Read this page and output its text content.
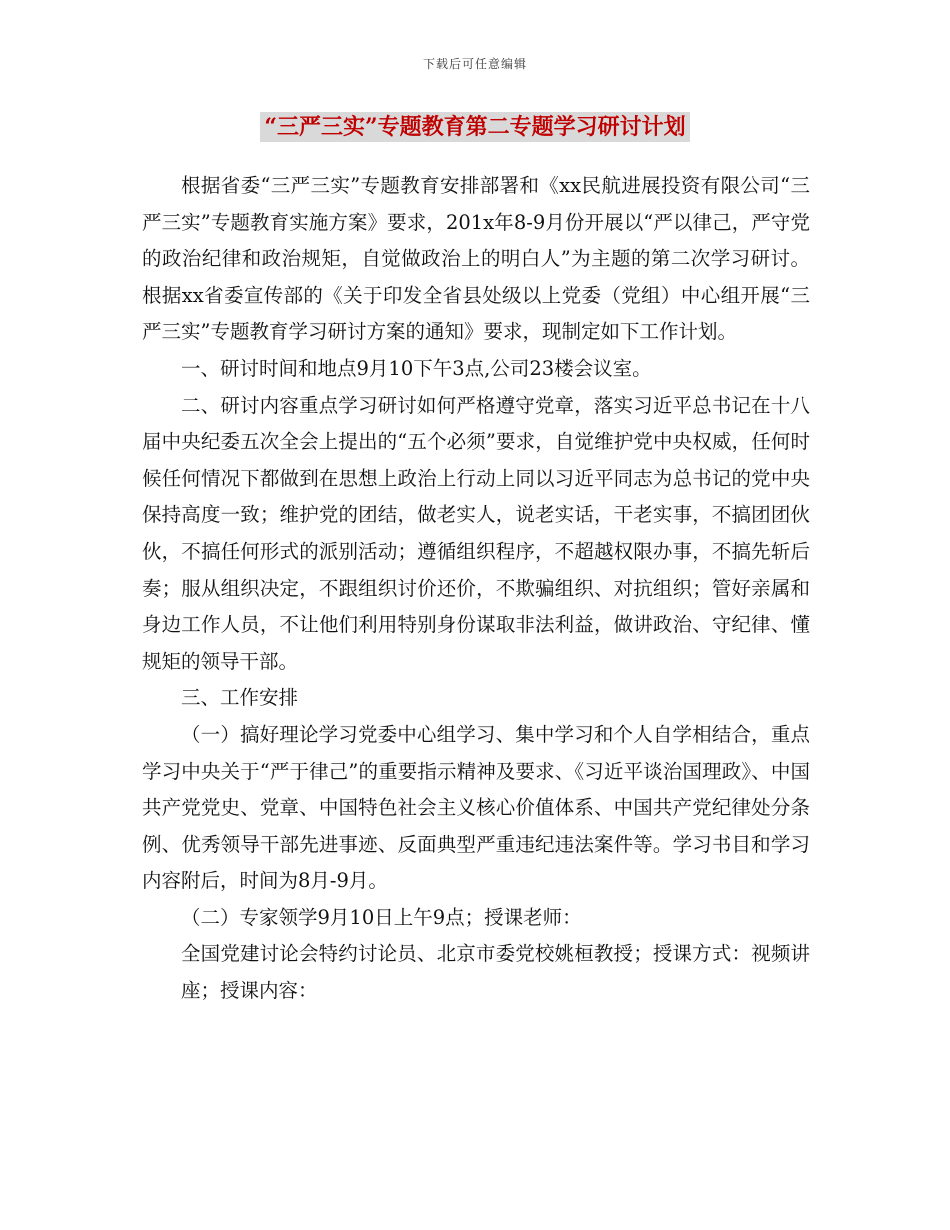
下载后可任意编辑
“三严三实”专题教育第二专题学习研讨计划

根据省委“三严三实”专题教育安排部署和《xx民航进展投资有限公司“三严三实”专题教育实施方案》要求，201x年8-9月份开展以“严以律己，严守党的政治纪律和政治规矩，自觉做政治上的明白人”为主题的第二次学习研讨。根据xx省委宣传部的《关于印发全省县处级以上党委（党组）中心组开展“三严三实”专题教育学习研讨方案的通知》要求，现制定如下工作计划。

一、研讨时间和地点9月10下午3点,公司23楼会议室。

二、研讨内容重点学习研讨如何严格遵守党章，落实习近平总书记在十八届中央纪委五次全会上提出的“五个必须”要求，自觉维护党中央权威，任何时候任何情况下都做到在思想上政治上行动上同以习近平同志为总书记的党中央保持高度一致；维护党的团结，做老实人，说老实话，干老实事，不搞团团伙伙，不搞任何形式的派别活动；遵循组织程序，不超越权限办事，不搞先斩后奏；服从组织决定，不跟组织讨价还价，不欺骗组织、对抗组织；管好亲属和身边工作人员，不让他们利用特别身份谋取非法利益，做讲政治、守纪律、懂规矩的领导干部。

三、工作安排

（一）搞好理论学习党委中心组学习、集中学习和个人自学相结合，重点学习中央关于“严于律己”的重要指示精神及要求、《习近平谈治国理政》、中国共产党党史、党章、中国特色社会主义核心价值体系、中国共产党纪律处分条例、优秀领导干部先进事迹、反面典型严重违纪违法案件等。学习书目和学习内容附后，时间为8月-9月。

（二）专家领学9月10日上午9点；授课老师：

全国党建讨论会特约讨论员、北京市委党校姚桓教授；授课方式：视频讲座；授课内容：
